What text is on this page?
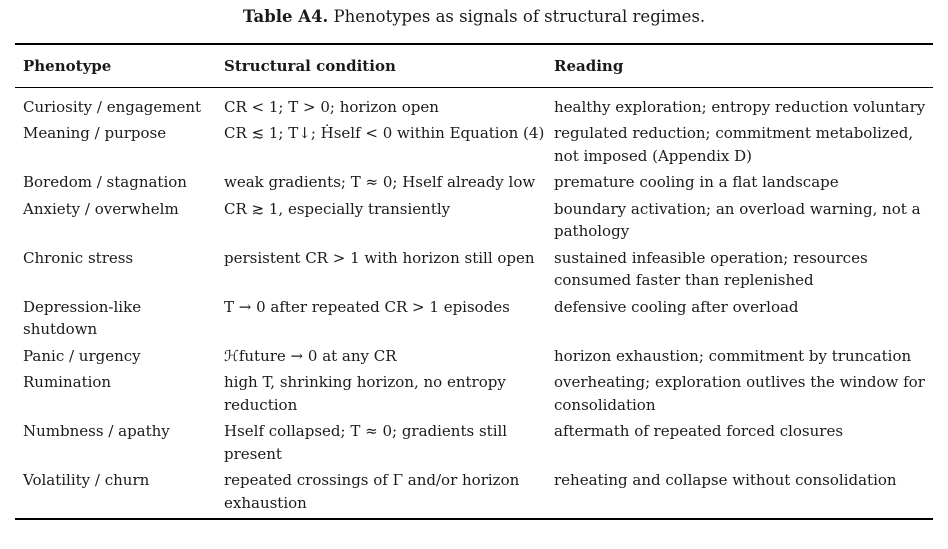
Table A4. Phenotypes as signals of structural regimes.
Phenotype	Structural condition	Reading
Curiosity / engagement	CR < 1; T > 0; horizon open	healthy exploration; entropy reduction voluntary
Meaning / purpose	CR ≲ 1; T↓; Ḣself < 0 within Equation (4)	regulated reduction; commitment metabolized, not imposed (Appendix D)
Boredom / stagnation	weak gradients; T ≈ 0; Hself already low	premature cooling in a flat landscape
Anxiety / overwhelm	CR ≳ 1, especially transiently	boundary activation; an overload warning, not a pathology
Chronic stress	persistent CR > 1 with horizon still open	sustained infeasible operation; resources consumed faster than replenished
Depression-like shutdown	T → 0 after repeated CR > 1 episodes	defensive cooling after overload
Panic / urgency	ℋfuture → 0 at any CR	horizon exhaustion; commitment by truncation
Rumination	high T, shrinking horizon, no entropy reduction	overheating; exploration outlives the window for consolidation
Numbness / apathy	Hself collapsed; T ≈ 0; gradients still present	aftermath of repeated forced closures
Volatility / churn	repeated crossings of Γ and/or horizon exhaustion	reheating and collapse without consolidation
